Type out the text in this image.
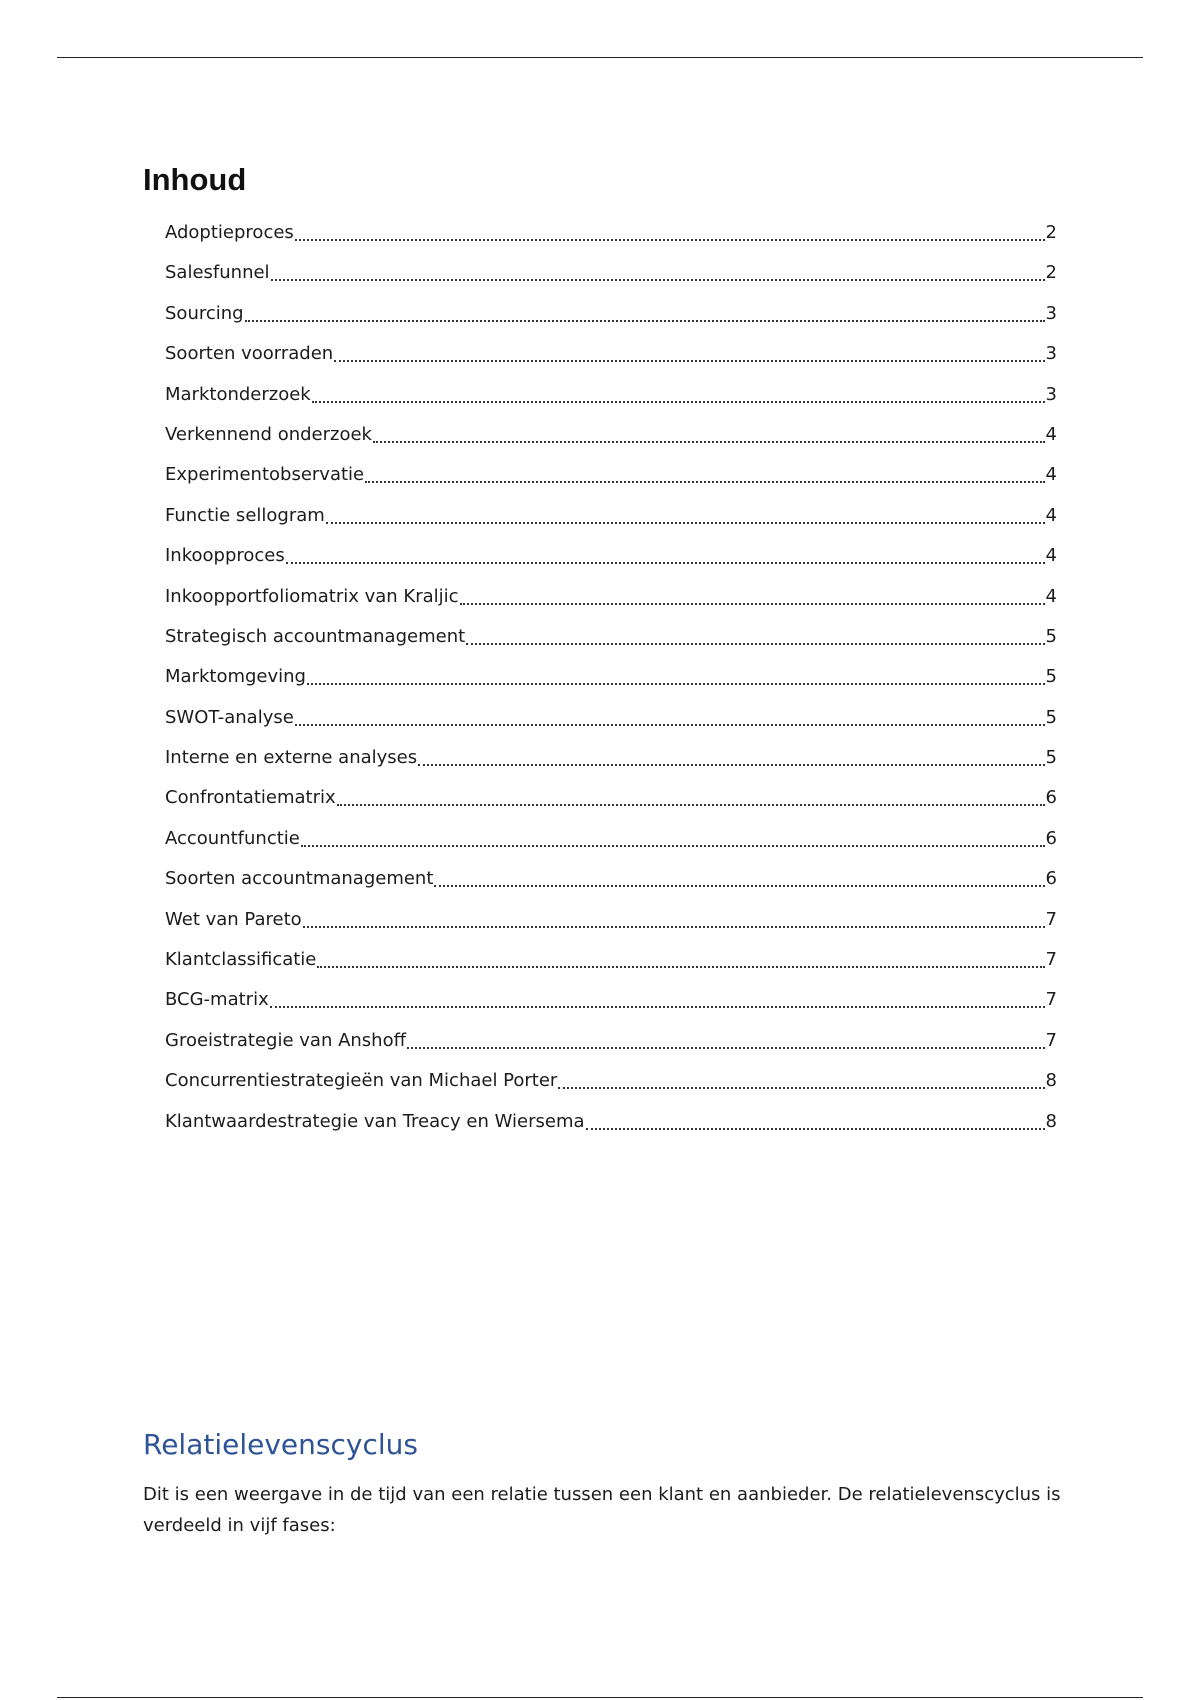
Inhoud
Adoptieproces	2
Salesfunnel	2
Sourcing	3
Soorten voorraden	3
Marktonderzoek	3
Verkennend onderzoek	4
Experimentobservatie	4
Functie sellogram	4
Inkoopproces	4
Inkoopportfoliomatrix van Kraljic	4
Strategisch accountmanagement	5
Marktomgeving	5
SWOT-analyse	5
Interne en externe analyses	5
Confrontatiematrix	6
Accountfunctie	6
Soorten accountmanagement	6
Wet van Pareto	7
Klantclassificatie	7
BCG-matrix	7
Groeistrategie van Anshoff	7
Concurrentiestrategieën van Michael Porter	8
Klantwaardestrategie van Treacy en Wiersema	8
Relatielevenscyclus

Dit is een weergave in de tijd van een relatie tussen een klant en aanbieder. De relatielevenscyclus is verdeeld in vijf fases:
